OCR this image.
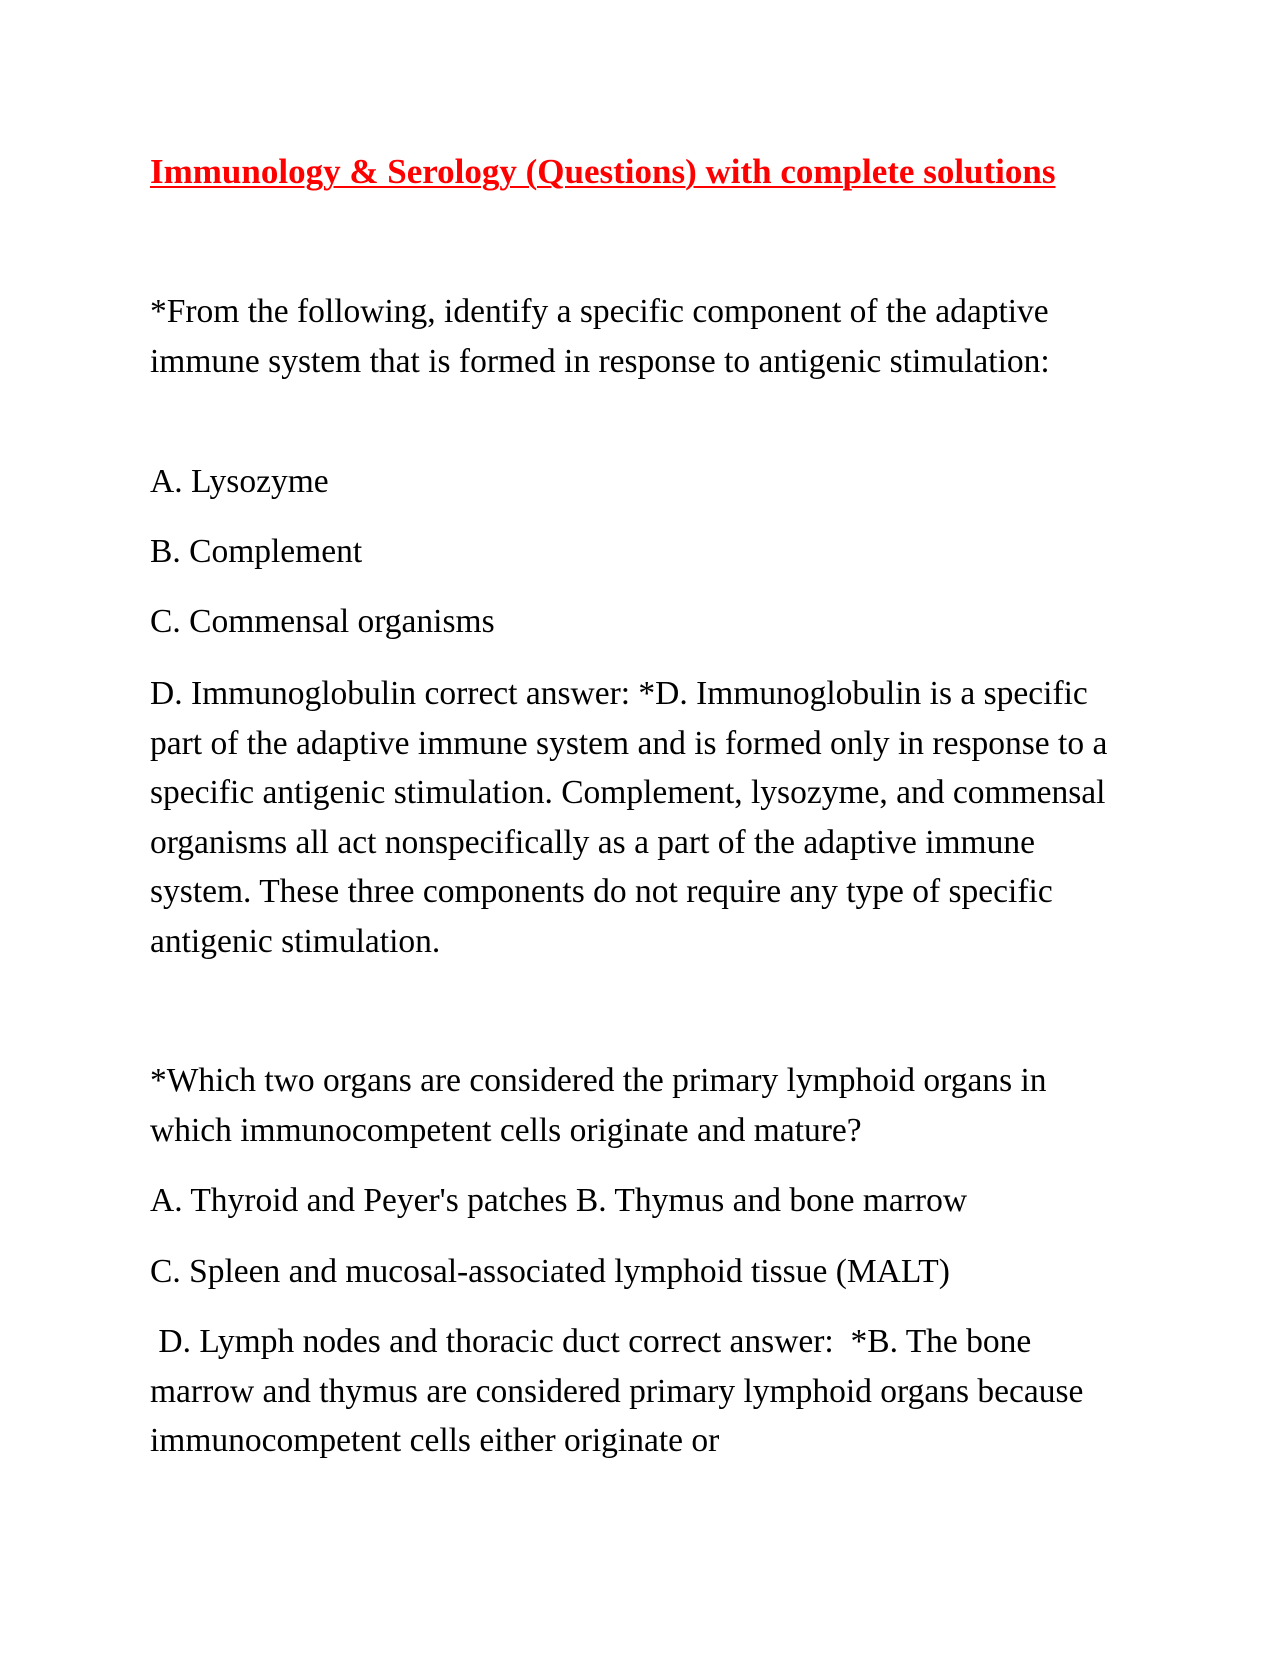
Immunology & Serology (Questions) with complete solutions

*From the following, identify a specific component of the adaptive immune system that is formed in response to antigenic stimulation:

A. Lysozyme

B. Complement

C. Commensal organisms

D. Immunoglobulin correct answer: *D. Immunoglobulin is a specific part of the adaptive immune system and is formed only in response to a specific antigenic stimulation. Complement, lysozyme, and commensal organisms all act nonspecifically as a part of the adaptive immune system. These three components do not require any type of specific antigenic stimulation.

*Which two organs are considered the primary lymphoid organs in which immunocompetent cells originate and mature?

A. Thyroid and Peyer's patches B. Thymus and bone marrow

C. Spleen and mucosal-associated lymphoid tissue (MALT)

D. Lymph nodes and thoracic duct correct answer:  *B. The bone marrow and thymus are considered primary lymphoid organs because immunocompetent cells either originate or
